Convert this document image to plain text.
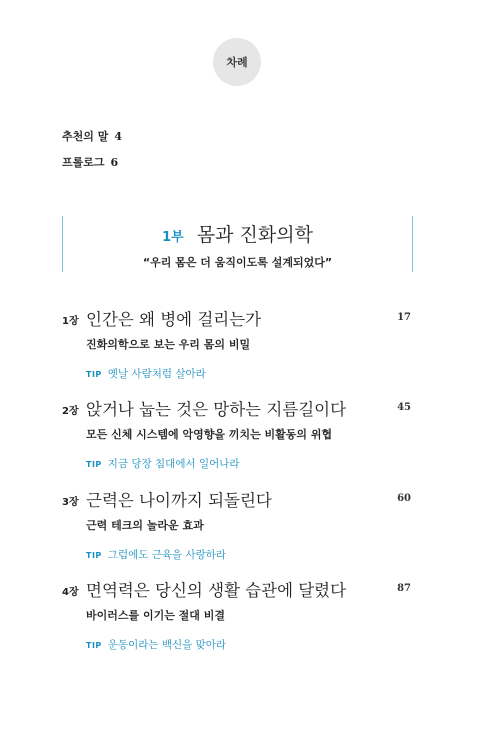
차례
추천의 말 4
프롤로그 6
1부 몸과 진화의학
“우리 몸은 더 움직이도록 설계되었다”
1장 인간은 왜 병에 걸리는가	17
진화의학으로 보는 우리 몸의 비밀
TIP 옛날 사람처럼 살아라
2장 앉거나 눕는 것은 망하는 지름길이다	45
모든 신체 시스템에 악영향을 끼치는 비활동의 위협
TIP 지금 당장 침대에서 일어나라
3장 근력은 나이까지 되돌린다	60
근력 테크의 놀라운 효과
TIP 그럼에도 근육을 사랑하라
4장 면역력은 당신의 생활 습관에 달렸다	87
바이러스를 이기는 절대 비결
TIP 운동이라는 백신을 맞아라
